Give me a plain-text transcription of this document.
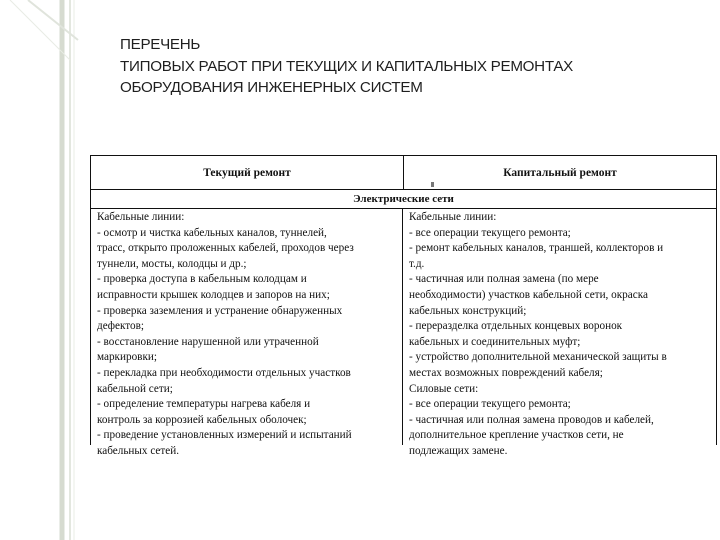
ПЕРЕЧЕНЬ
ТИПОВЫХ РАБОТ ПРИ ТЕКУЩИХ И КАПИТАЛЬНЫХ РЕМОНТАХ
ОБОРУДОВАНИЯ ИНЖЕНЕРНЫХ СИСТЕМ
Текущий ремонт	Капитальный ремонт
Электрические сети
Кабельные линии:
- осмотр и чистка кабельных каналов, туннелей,
трасс, открыто проложенных кабелей, проходов через
туннели, мосты, колодцы и др.;
- проверка доступа в кабельным колодцам и
исправности крышек колодцев и запоров на них;
- проверка заземления и устранение обнаруженных
дефектов;
- восстановление нарушенной или утраченной
маркировки;
- перекладка при необходимости отдельных участков
кабельной сети;
- определение температуры нагрева кабеля и
контроль за коррозией кабельных оболочек;
- проведение установленных измерений и испытаний
кабельных сетей.
Кабельные линии:
- все операции текущего ремонта;
- ремонт кабельных каналов, траншей, коллекторов и
т.д.
- частичная или полная замена (по мере
необходимости) участков кабельной сети, окраска
кабельных конструкций;
- переразделка отдельных концевых воронок
кабельных и соединительных муфт;
- устройство дополнительной механической защиты в
местах возможных повреждений кабеля;
Силовые сети:
- все операции текущего ремонта;
- частичная или полная замена проводов и кабелей,
дополнительное крепление участков сети, не
подлежащих замене.
